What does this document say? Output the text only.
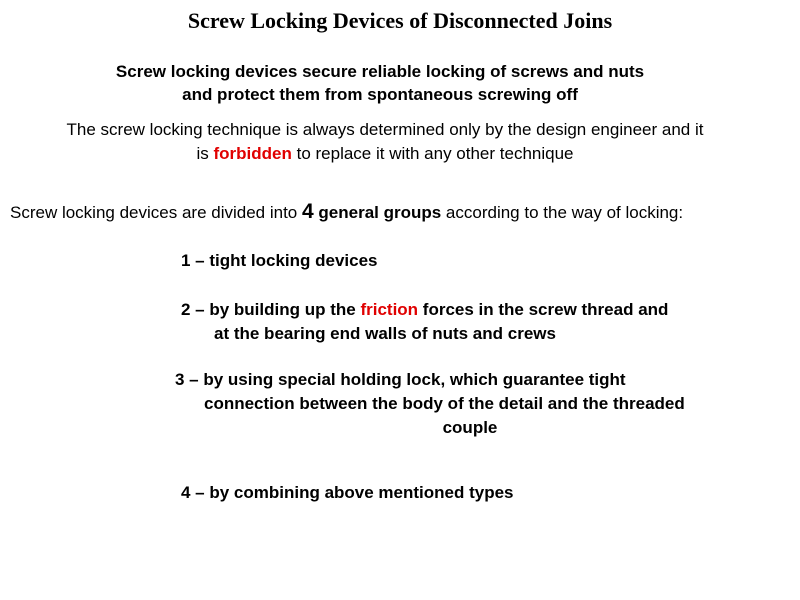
Screw Locking Devices of Disconnected Joins
Screw locking devices secure reliable locking of screws and nuts
and protect them from spontaneous screwing off
The screw locking technique is always determined only by the design engineer and it
is forbidden to replace it with any other technique
Screw locking devices are divided into 4 general groups according to the way of locking:
1 – tight locking devices
2 – by building up the friction forces in the screw thread and
at the bearing end walls of nuts and crews
3 – by using special holding lock, which guarantee tight
connection between the body of the detail and the threaded
couple
4 – by combining above mentioned types
